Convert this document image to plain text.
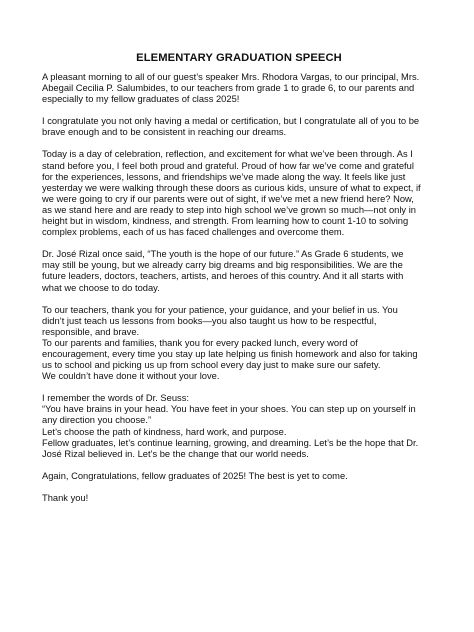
ELEMENTARY GRADUATION SPEECH
A pleasant morning to all of our guest’s speaker Mrs. Rhodora Vargas, to our principal, Mrs.
Abegail Cecilia P. Salumbides, to our teachers from grade 1 to grade 6, to our parents and
especially to my fellow graduates of class 2025!
I congratulate you not only having a medal or certification, but I congratulate all of you to be
brave enough and to be consistent in reaching our dreams.
Today is a day of celebration, reflection, and excitement for what we’ve been through. As I
stand before you, I feel both proud and grateful. Proud of how far we’ve come and grateful
for the experiences, lessons, and friendships we’ve made along the way. It feels like just
yesterday we were walking through these doors as curious kids, unsure of what to expect, if
we were going to cry if our parents were out of sight, if we’ve met a new friend here? Now,
as we stand here and are ready to step into high school we’ve grown so much—not only in
height but in wisdom, kindness, and strength. From learning how to count 1-10 to solving
complex problems, each of us has faced challenges and overcome them.
Dr. José Rizal once said, “The youth is the hope of our future.” As Grade 6 students, we
may still be young, but we already carry big dreams and big responsibilities. We are the
future leaders, doctors, teachers, artists, and heroes of this country. And it all starts with
what we choose to do today.
To our teachers, thank you for your patience, your guidance, and your belief in us. You
didn’t just teach us lessons from books—you also taught us how to be respectful,
responsible, and brave.
To our parents and families, thank you for every packed lunch, every word of
encouragement, every time you stay up late helping us finish homework and also for taking
us to school and picking us up from school every day just to make sure our safety.
We couldn’t have done it without your love.
I remember the words of Dr. Seuss:
“You have brains in your head. You have feet in your shoes. You can step up on yourself in
any direction you choose.”
Let’s choose the path of kindness, hard work, and purpose.
Fellow graduates, let’s continue learning, growing, and dreaming. Let’s be the hope that Dr.
José Rizal believed in. Let’s be the change that our world needs.
Again, Congratulations, fellow graduates of 2025! The best is yet to come.
Thank you!
